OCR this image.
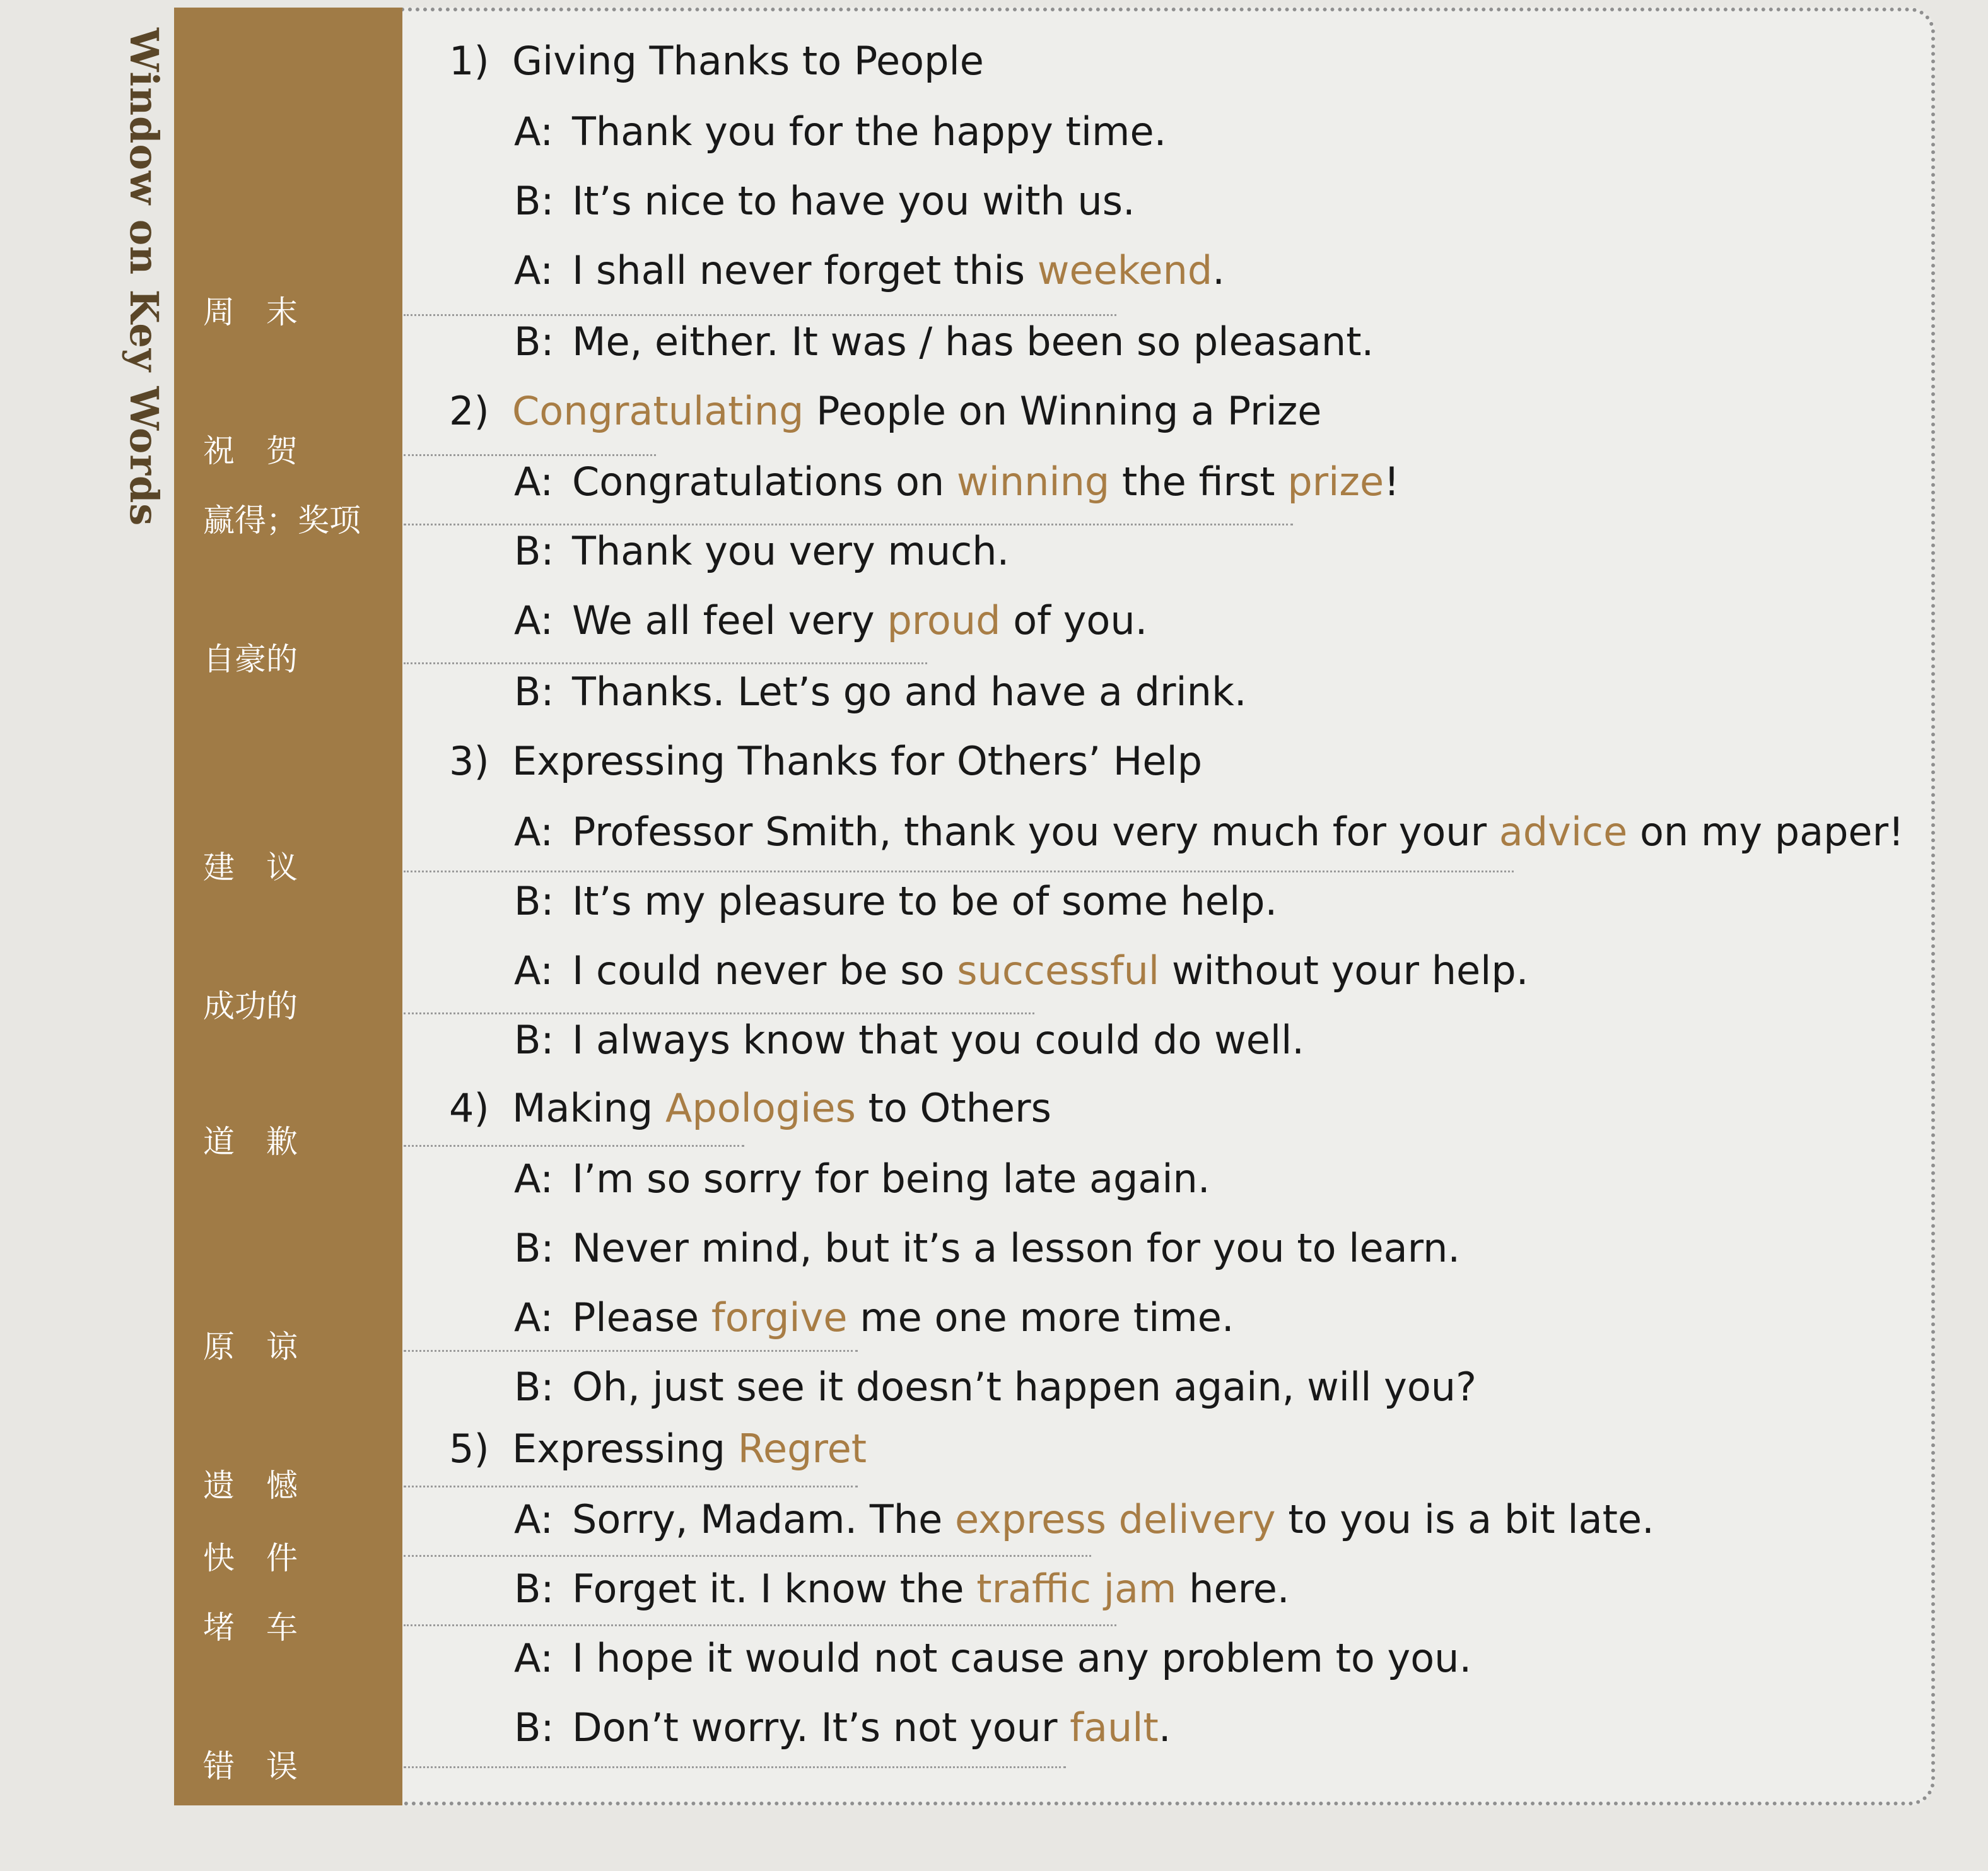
Window on Key Words 周　末
祝　贺
赢得；奖项
自豪的
建　议
成功的
道　歉
原　谅
遗　憾
快　件
堵　车
错　误
1) Giving Thanks to People
A: Thank you for the happy time.
B: It’s nice to have you with us.
A: I shall never forget this weekend.
B: Me, either. It was / has been so pleasant.
2) Congratulating People on Winning a Prize
A: Congratulations on winning the first prize!
B: Thank you very much.
A: We all feel very proud of you.
B: Thanks. Let’s go and have a drink.
3) Expressing Thanks for Others’ Help
A: Professor Smith, thank you very much for your advice on my paper!
B: It’s my pleasure to be of some help.
A: I could never be so successful without your help.
B: I always know that you could do well.
4) Making Apologies to Others
A: I’m so sorry for being late again.
B: Never mind, but it’s a lesson for you to learn.
A: Please forgive me one more time.
B: Oh, just see it doesn’t happen again, will you?
5) Expressing Regret
A: Sorry, Madam. The express delivery to you is a bit late.
B: Forget it. I know the traffic jam here.
A: I hope it would not cause any problem to you.
B: Don’t worry. It’s not your fault.
